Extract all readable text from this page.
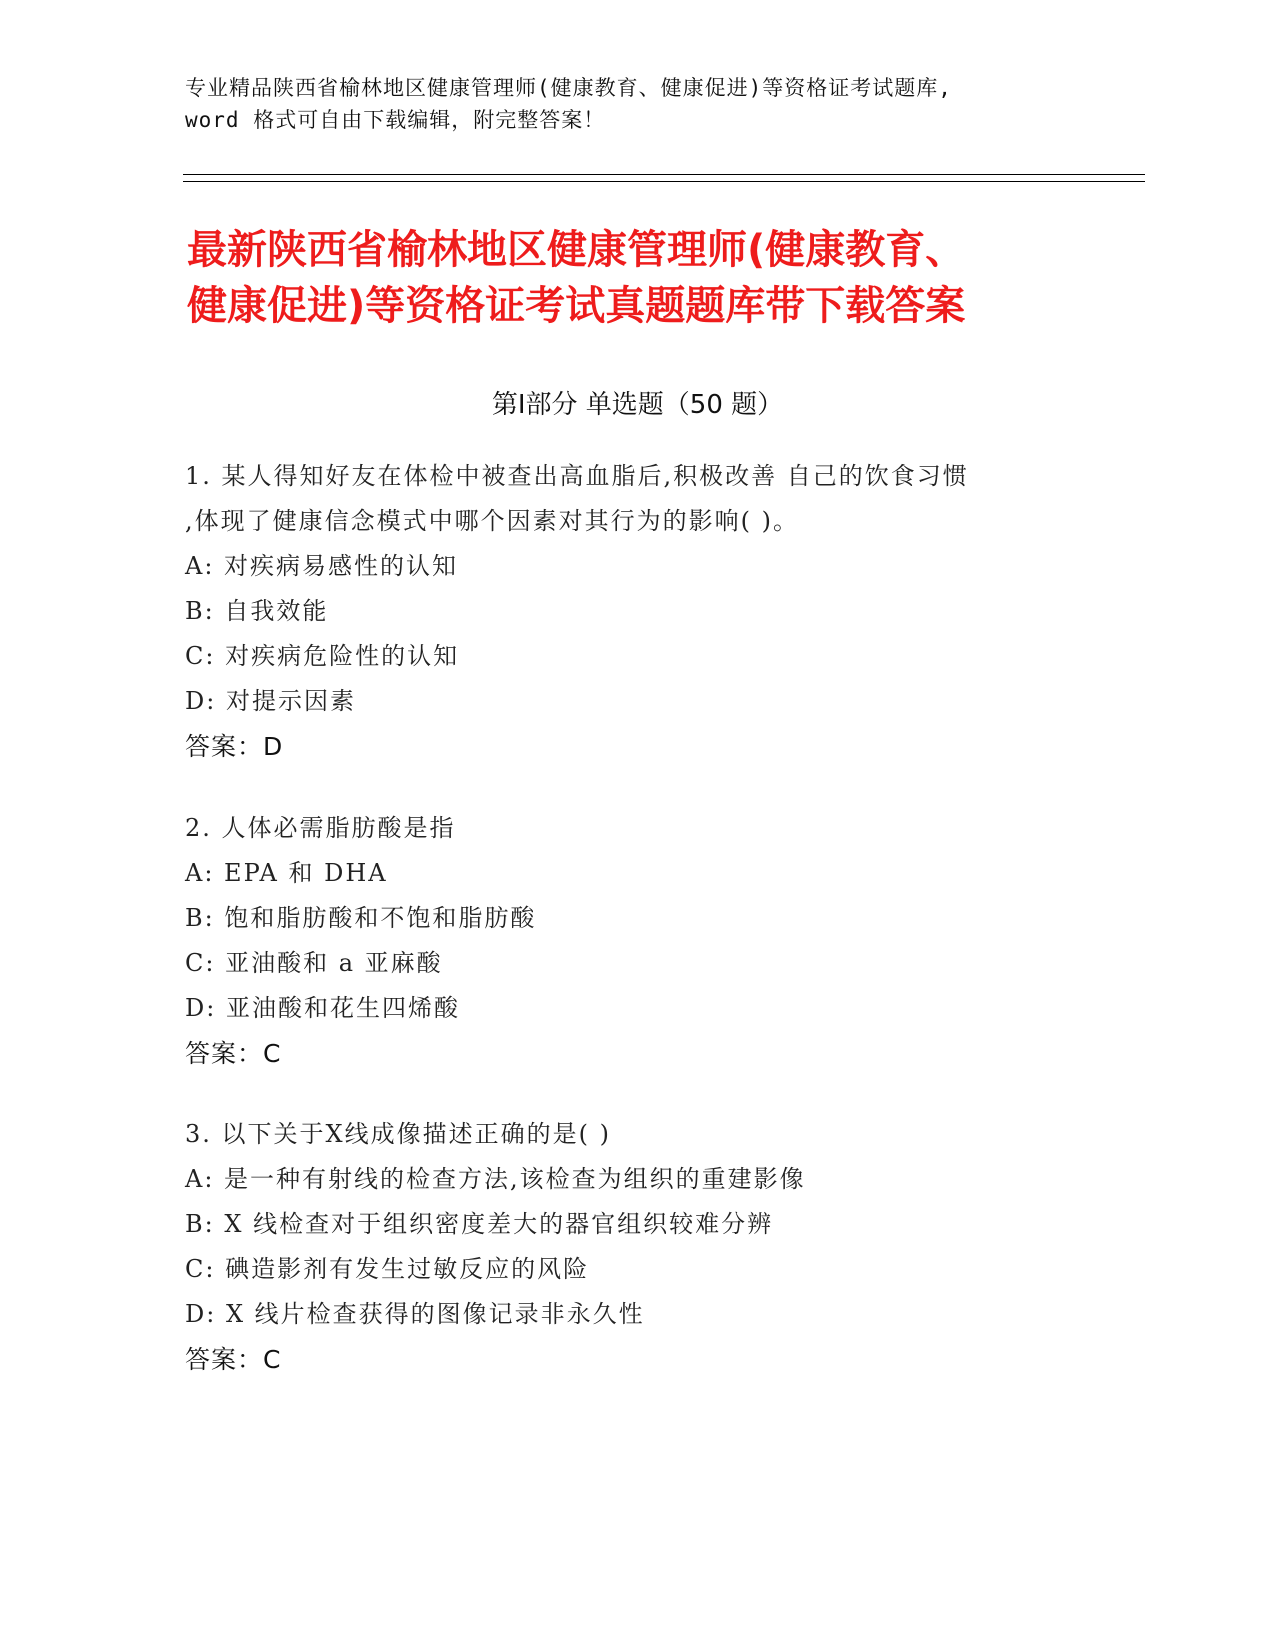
专业精品陕西省榆林地区健康管理师(健康教育、健康促进)等资格证考试题库,
word 格式可自由下载编辑，附完整答案！
最新陕西省榆林地区健康管理师(健康教育、
健康促进)等资格证考试真题题库带下载答案
第Ⅰ部分 单选题（50 题）
1. 某人得知好友在体检中被查出高血脂后,积极改善 自己的饮食习惯
,体现了健康信念模式中哪个因素对其行为的影响( )。
A: 对疾病易感性的认知
B: 自我效能
C: 对疾病危险性的认知
D: 对提示因素
答案：D
2. 人体必需脂肪酸是指
A: EPA 和 DHA
B: 饱和脂肪酸和不饱和脂肪酸
C: 亚油酸和 a 亚麻酸
D: 亚油酸和花生四烯酸
答案：C
3. 以下关于X线成像描述正确的是( )
A: 是一种有射线的检查方法,该检查为组织的重建影像
B: X 线检查对于组织密度差大的器官组织较难分辨
C: 碘造影剂有发生过敏反应的风险
D: X 线片检查获得的图像记录非永久性
答案：C
